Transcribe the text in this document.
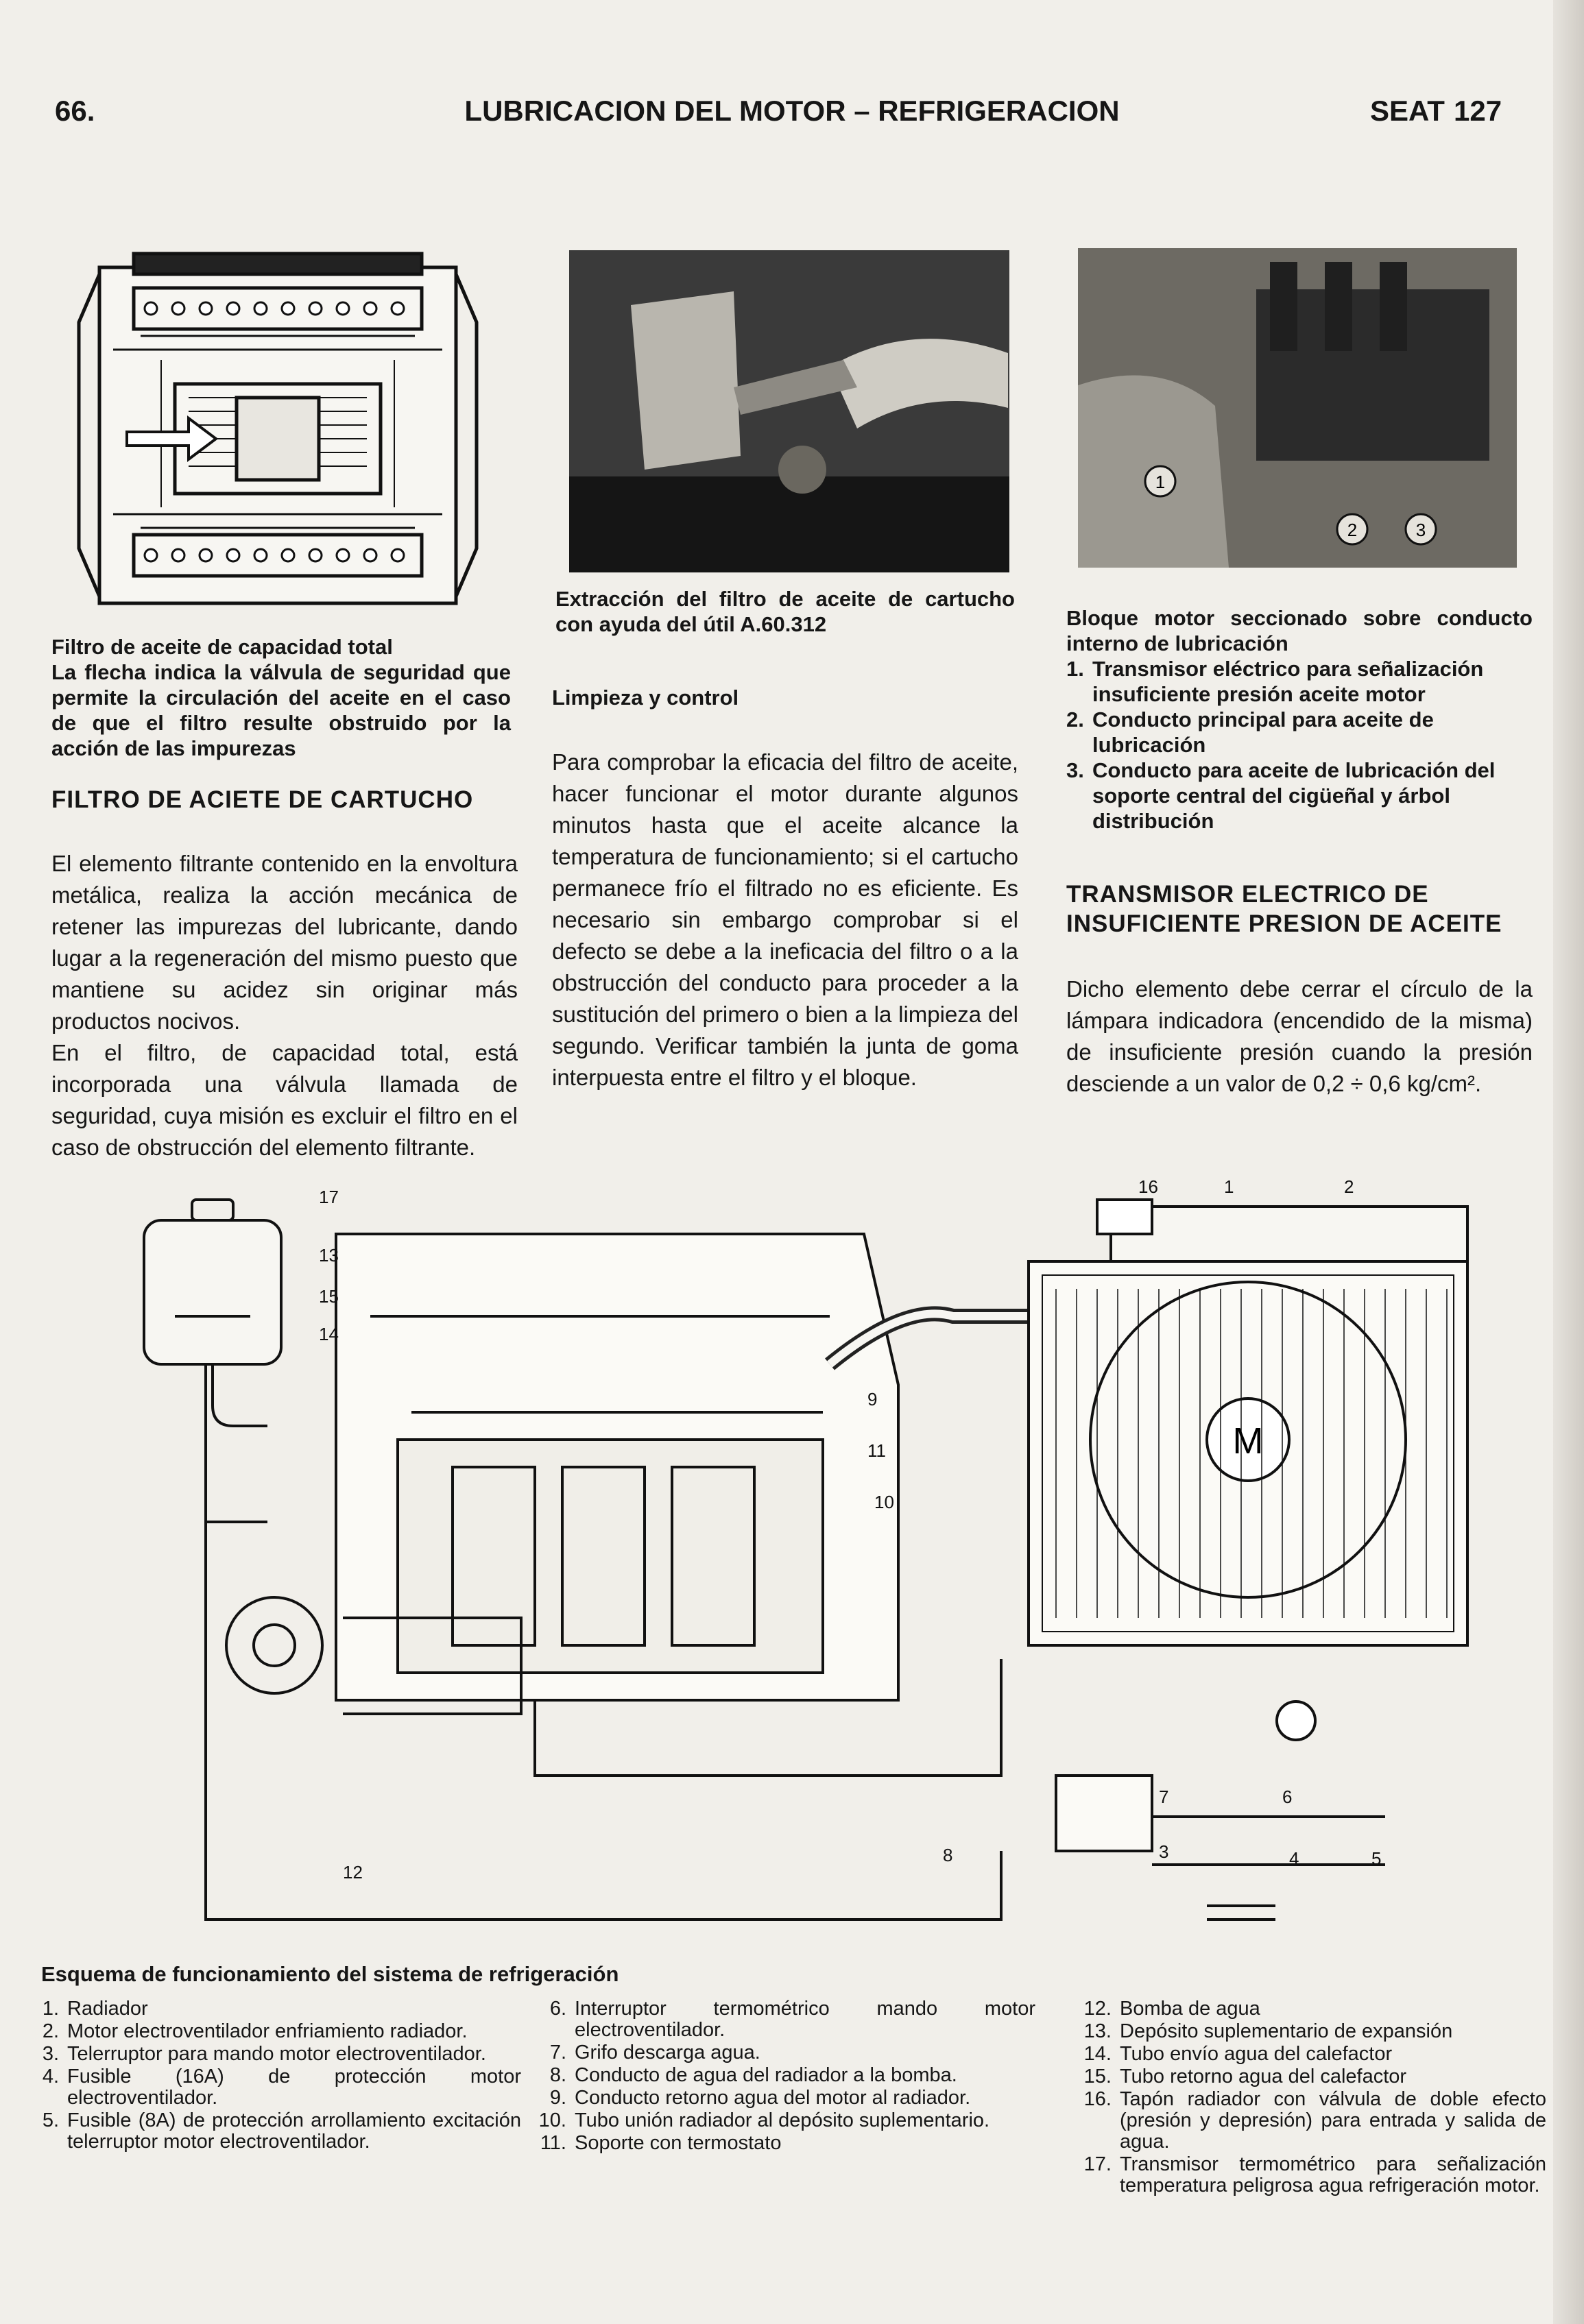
66.	LUBRICACION DEL MOTOR – REFRIGERACION	SEAT 127
Filtro de aceite de capacidad total
La flecha indica la válvula de seguridad que permite la circulación del aceite en el caso de que el filtro resulte obstruido por la acción de las impurezas
Extracción del filtro de aceite de cartucho con ayuda del útil A.60.312
1
2	3
Bloque motor seccionado sobre conducto interno de lubricación
1. Transmisor eléctrico para señalización insuficiente presión aceite motor
2. Conducto principal para aceite de lubricación
3. Conducto para aceite de lubricación del soporte central del cigüeñal y árbol distribución
FILTRO DE ACIETE DE CARTUCHO

El elemento filtrante contenido en la envoltura metálica, realiza la acción mecánica de retener las impurezas del lubricante, dando lugar a la regeneración del mismo puesto que mantiene su acidez sin originar más productos nocivos.

En el filtro, de capacidad total, está incorporada una válvula llamada de seguridad, cuya misión es excluir el filtro en el caso de obstrucción del elemento filtrante.

Limpieza y control

Para comprobar la eficacia del filtro de aceite, hacer funcionar el motor durante algunos minutos hasta que el aceite alcance la temperatura de funcionamiento; si el cartucho permanece frío el filtrado no es eficiente. Es necesario sin embargo comprobar si el defecto se debe a la ineficacia del filtro o a la obstrucción del conducto para proceder a la sustitución del primero o bien a la limpieza del segundo. Verificar también la junta de goma interpuesta entre el filtro y el bloque.

TRANSMISOR ELECTRICO DE INSUFICIENTE PRESION DE ACEITE

Dicho elemento debe cerrar el círculo de la lámpara indicadora (encendido de la misma) de insuficiente presión cuando la presión desciende a un valor de 0,2 ÷ 0,6 kg/cm².

M
17
13
15
14
16	1	2
9
11
10
12
8
7	6
3	4	5
Esquema de funcionamiento del sistema de refrigeración
1. Radiador
2. Motor electroventilador enfriamiento radiador.
3. Telerruptor para mando motor electroventilador.
4. Fusible (16A) de protección motor electroventilador.
5. Fusible (8A) de protección arrollamiento excitación telerruptor motor electroventilador.
6. Interruptor termométrico mando motor electroventilador.
7. Grifo descarga agua.
8. Conducto de agua del radiador a la bomba.
9. Conducto retorno agua del motor al radiador.
10. Tubo unión radiador al depósito suplementario.
11. Soporte con termostato
12. Bomba de agua
13. Depósito suplementario de expansión
14. Tubo envío agua del calefactor
15. Tubo retorno agua del calefactor
16. Tapón radiador con válvula de doble efecto (presión y depresión) para entrada y salida de agua.
17. Transmisor termométrico para señalización temperatura peligrosa agua refrigeración motor.
